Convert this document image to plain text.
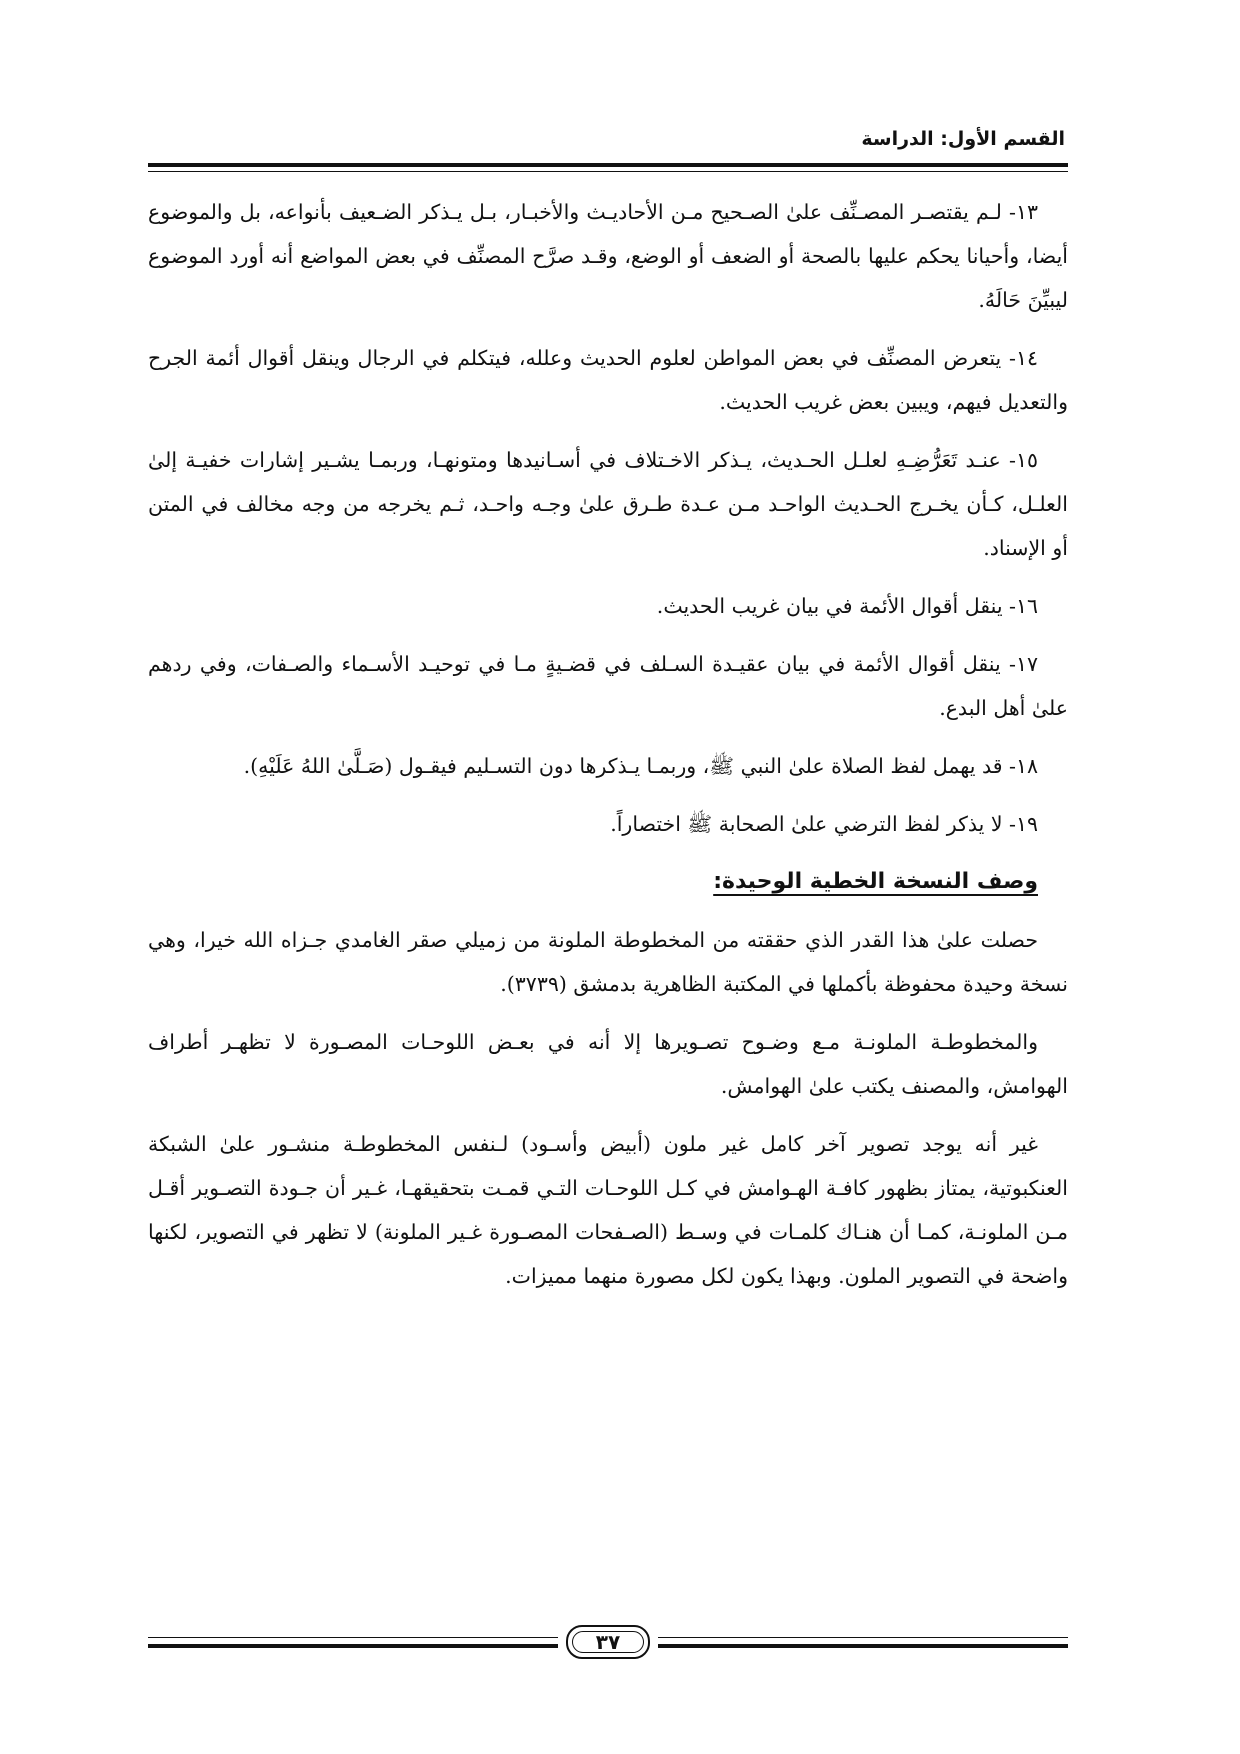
القسم الأول: الدراسة

١٣- لـم يقتصـر المصـنِّف علىٰ الصـحيح مـن الأحاديـث والأخبـار، بـل يـذكر الضـعيف بأنواعه، بل والموضوع أيضا، وأحيانا يحكم عليها بالصحة أو الضعف أو الوضع، وقـد صرَّح المصنِّف في بعض المواضع أنه أورد الموضوع ليبيِّنَ حَالَهُ.

١٤- يتعرض المصنِّف في بعض المواطن لعلوم الحديث وعلله، فيتكلم في الرجال وينقل أقوال أئمة الجرح والتعديل فيهم، ويبين بعض غريب الحديث.

١٥- عنـد تَعَرُّضِـهِ لعلـل الحـديث، يـذكر الاخـتلاف في أسـانيدها ومتونهـا، وربمـا يشـير إشارات خفيـة إلىٰ العلـل، كـأن يخـرج الحـديث الواحـد مـن عـدة طـرق علىٰ وجـه واحـد، ثـم يخرجه من وجه مخالف في المتن أو الإسناد.

١٦- ينقل أقوال الأئمة في بيان غريب الحديث.

١٧- ينقل أقوال الأئمة في بيان عقيـدة السـلف في قضـيةٍ مـا في توحيـد الأسـماء والصـفات، وفي ردهم علىٰ أهل البدع.

١٨- قد يهمل لفظ الصلاة علىٰ النبي ﷺ، وربمـا يـذكرها دون التسـليم فيقـول (صَـلَّىٰ اللهُ عَلَيْهِ).

١٩- لا يذكر لفظ الترضي علىٰ الصحابة ﷺ اختصاراً.

وصف النسخة الخطية الوحيدة:

حصلت علىٰ هذا القدر الذي حققته من المخطوطة الملونة من زميلي صقر الغامدي جـزاه الله خيرا، وهي نسخة وحيدة محفوظة بأكملها في المكتبة الظاهرية بدمشق (٣٧٣٩).

والمخطوطـة الملونـة مـع وضـوح تصـويرها إلا أنه في بعـض اللوحـات المصـورة لا تظهـر أطراف الهوامش، والمصنف يكتب علىٰ الهوامش.

غير أنه يوجد تصوير آخر كامل غير ملون (أبيض وأسـود) لـنفس المخطوطـة منشـور علىٰ الشبكة العنكبوتية، يمتاز بظهور كافـة الهـوامش في كـل اللوحـات التـي قمـت بتحقيقهـا، غـير أن جـودة التصـوير أقـل مـن الملونـة، كمـا أن هنـاك كلمـات في وسـط (الصـفحات المصـورة غـير الملونة) لا تظهر في التصوير، لكنها واضحة في التصوير الملون. وبهذا يكون لكل مصورة منهما مميزات.

٣٧
